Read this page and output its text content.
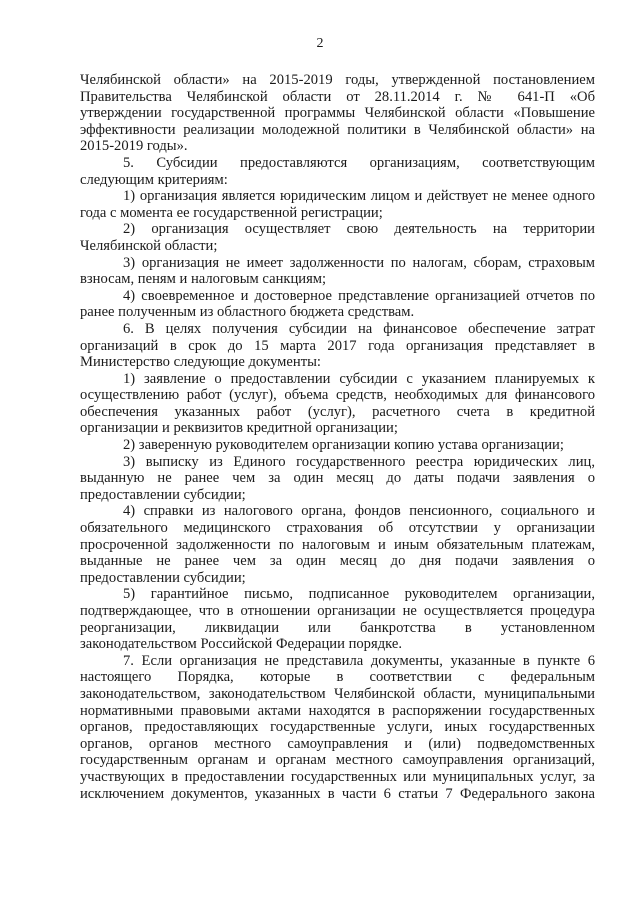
2
Челябинской области» на 2015-2019 годы, утвержденной постановлением
Правительства Челябинской области от 28.11.2014 г. № 641-П «Об
утверждении государственной программы Челябинской области «Повышение
эффективности реализации молодежной политики в Челябинской области» на
2015-2019 годы».
5. Субсидии предоставляются организациям, соответствующим
следующим критериям:
1) организация является юридическим лицом и действует не менее одного
года с момента ее государственной регистрации;
2) организация осуществляет свою деятельность на территории
Челябинской области;
3) организация не имеет задолженности по налогам, сборам, страховым
взносам, пеням и налоговым санкциям;
4) своевременное и достоверное представление организацией отчетов по
ранее полученным из областного бюджета средствам.
6. В целях получения субсидии на финансовое обеспечение затрат
организаций в срок до 15 марта 2017 года организация представляет в
Министерство следующие документы:
1) заявление о предоставлении субсидии с указанием планируемых к
осуществлению работ (услуг), объема средств, необходимых для финансового
обеспечения указанных работ (услуг), расчетного счета в кредитной
организации и реквизитов кредитной организации;
2) заверенную руководителем организации копию устава организации;
3) выписку из Единого государственного реестра юридических лиц,
выданную не ранее чем за один месяц до даты подачи заявления о
предоставлении субсидии;
4) справки из налогового органа, фондов пенсионного, социального и
обязательного медицинского страхования об отсутствии у организации
просроченной задолженности по налоговым и иным обязательным платежам,
выданные не ранее чем за один месяц до дня подачи заявления о
предоставлении субсидии;
5) гарантийное письмо, подписанное руководителем организации,
подтверждающее, что в отношении организации не осуществляется процедура
реорганизации, ликвидации или банкротства в установленном
законодательством Российской Федерации порядке.
7. Если организация не представила документы, указанные в пункте 6
настоящего Порядка, которые в соответствии с федеральным
законодательством, законодательством Челябинской области, муниципальными
нормативными правовыми актами находятся в распоряжении государственных
органов, предоставляющих государственные услуги, иных государственных
органов, органов местного самоуправления и (или) подведомственных
государственным органам и органам местного самоуправления организаций,
участвующих в предоставлении государственных или муниципальных услуг, за
исключением документов, указанных в части 6 статьи 7 Федерального закона
